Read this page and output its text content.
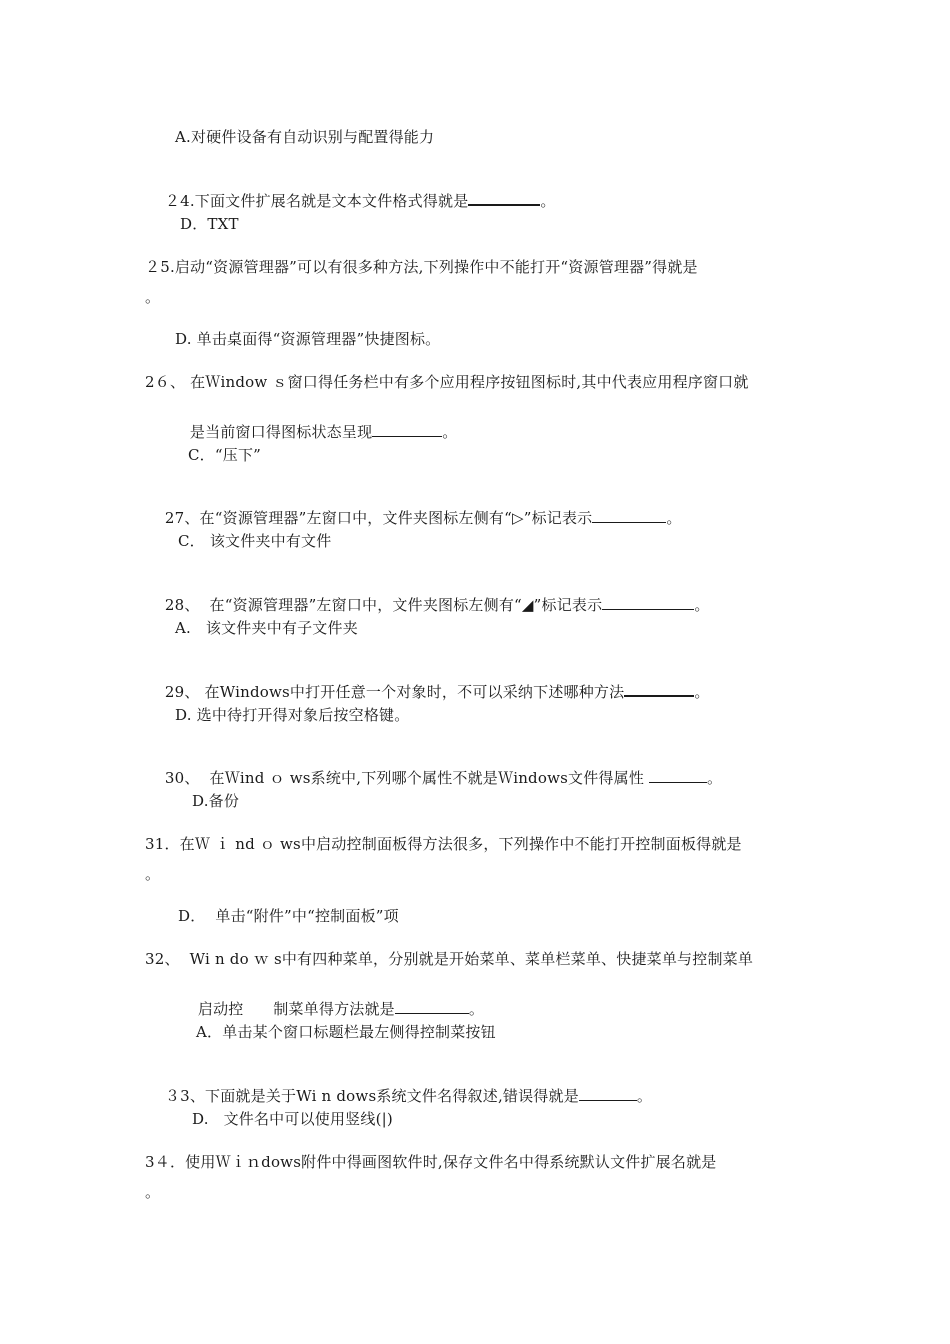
A.对硬件设备有自动识别与配置得能力

２4.下面文件扩展名就是文本文件格式得就是	。

D．TXT
２5.启动“资源管理器”可以有很多种方法,下列操作中不能打开“资源管理器”得就是
。
D. 单击桌面得“资源管理器”快捷图标。
2６、 在Ｗindow ｓ窗口得任务栏中有多个应用程序按钮图标时,其中代表应用程序窗口就

是当前窗口得图标状态呈现	。

C．“压下”

27、在“资源管理器”左窗口中，文件夹图标左侧有“▷”标记表示	。

C． 该文件夹中有文件

28、  在“资源管理器”左窗口中，文件夹图标左侧有“◢”标记表示	。

A.   该文件夹中有子文件夹

29、 在Windows中打开任意一个对象时，不可以采纳下述哪种方法	。

D. 选中待打开得对象后按空格键。

30、  在Ｗind ｏ ws系统中,下列哪个属性不就是Ｗindows文件得属性	。

D.备份
31．在Ｗ ｉ nd ｏ ws中启动控制面板得方法很多，下列操作中不能打开控制面板得就是
。
D．  单击“附件”中“控制面板”项
32、  Wi n do ｗ s中有四种菜单，分别就是开始菜单、菜单栏菜单、快捷菜单与控制菜单

启动控      制菜单得方法就是	。

A．单击某个窗口标题栏最左侧得控制菜按钮

３3、下面就是关于Wi n dows系统文件名得叙述,错误得就是	。

D.   文件名中可以使用竖线(|)
3４．使用Ｗｉｎdows附件中得画图软件时,保存文件名中得系统默认文件扩展名就是
。
